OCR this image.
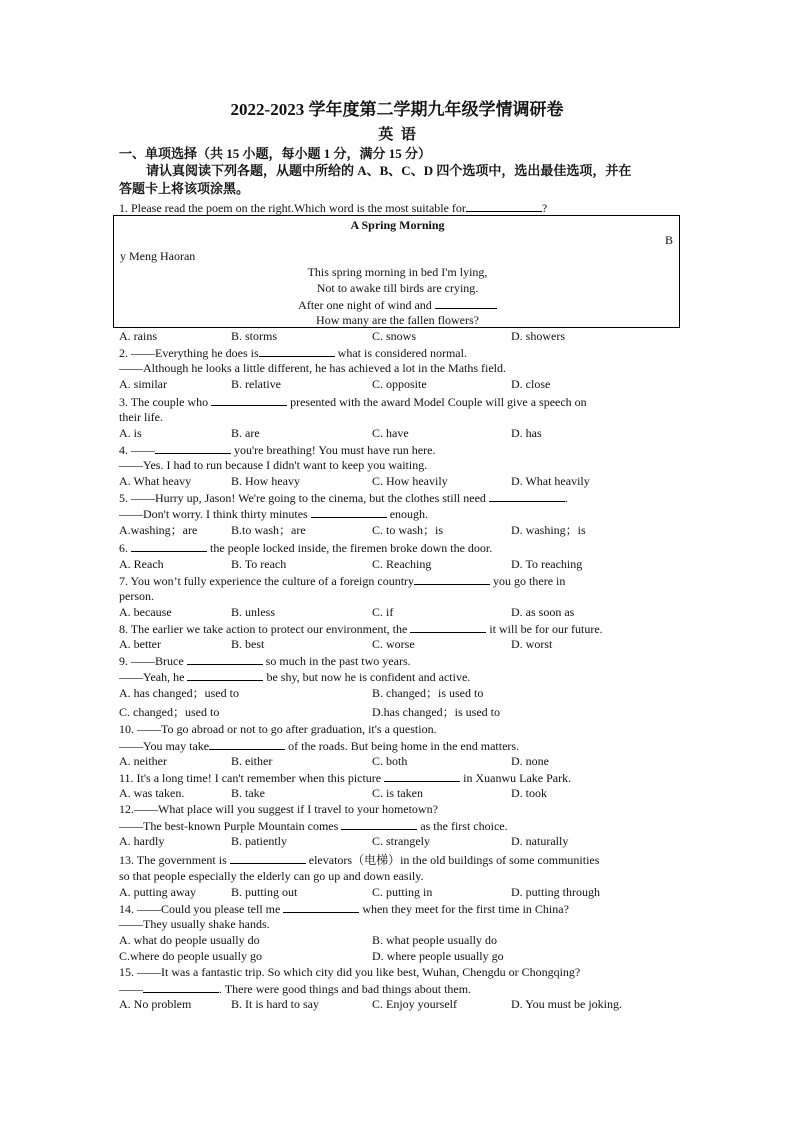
2022-2023 学年度第二学期九年级学情调研卷
英  语
一、单项选择（共 15 小题，每小题 1 分，满分 15 分）
请认真阅读下列各题，从题中所给的 A、B、C、D 四个选项中，选出最佳选项，并在
答题卡上将该项涂黑。
1. Please read the poem on the right.Which word is the most suitable for	?
A Spring Morning
B
y Meng Haoran
This spring morning in bed I'm lying,
Not to awake till birds are crying.
After one night of wind and
How many are the fallen flowers?
A. rains	B. storms	C. snows	D. showers
2. ——Everything he does is	what is considered normal.
——Although he looks a little different, he has achieved a lot in the Maths field.
A. similar	B. relative	C. opposite	D. close
3. The couple who	presented with the award Model Couple will give a speech on
their life.
A. is	B. are	C. have	D. has
4. ——	you're breathing! You must have run here.
——Yes. I had to run because I didn't want to keep you waiting.
A. What heavy	B. How heavy	C. How heavily	D. What heavily
5. ——Hurry up, Jason! We're going to the cinema, but the clothes still need	.
——Don't worry. I think thirty minutes	enough.
A.washing；are	B.to wash；are	C. to wash；is	D. washing；is
6.	the people locked inside, the firemen broke down the door.
A. Reach	B. To reach	C. Reaching	D. To reaching
7. You won’t fully experience the culture of a foreign country	you go there in
person.
A. because	B. unless	C. if	D. as soon as
8. The earlier we take action to protect our environment, the	it will be for our future.
A. better	B. best	C. worse	D. worst
9. ——Bruce	so much in the past two years.
——Yeah, he	be shy, but now he is confident and active.
A. has changed；used to	B. changed；is used to
C. changed；used to	D.has changed；is used to
10. ——To go abroad or not to go after graduation, it's a question.
——You may take	of the roads. But being home in the end matters.
A. neither	B. either	C. both	D. none
11. It's a long time! I can't remember when this picture	in Xuanwu Lake Park.
A. was taken.	B. take	C. is taken	D. took
12.——What place will you suggest if I travel to your hometown?
——The best-known Purple Mountain comes	as the first choice.
A. hardly	B. patiently	C. strangely	D. naturally
13. The government is	elevators（电梯）in the old buildings of some communities
so that people especially the elderly can go up and down easily.
A. putting away	B. putting out	C. putting in	D. putting through
14. ——Could you please tell me	when they meet for the first time in China?
——They usually shake hands.
A. what do people usually do	B. what people usually do
C.where do people usually go	D. where people usually go
15. ——It was a fantastic trip. So which city did you like best, Wuhan, Chengdu or Chongqing?
——	. There were good things and bad things about them.
A. No problem	B. It is hard to say	C. Enjoy yourself	D. You must be joking.
